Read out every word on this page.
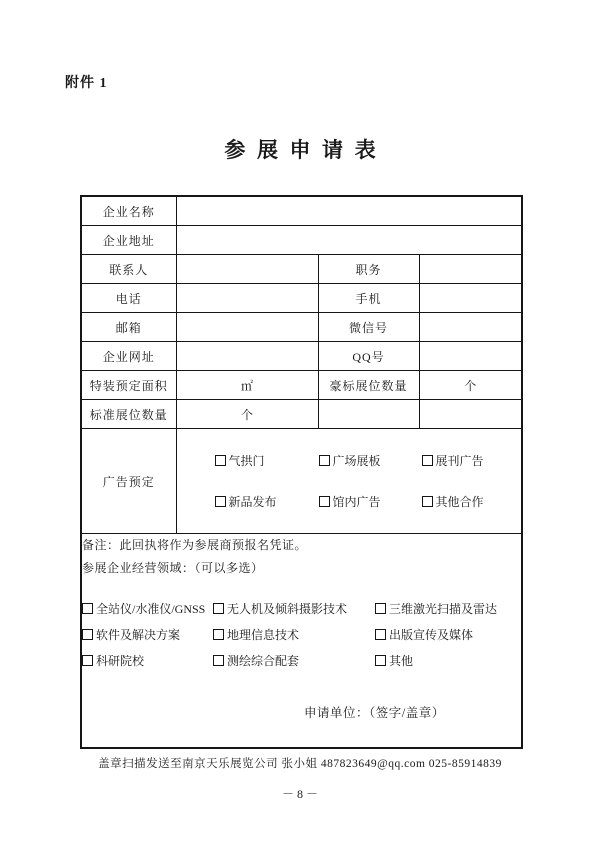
附件 1
参展申请表
企业名称			
企业地址			
联系人		职务	
电话		手机	
邮箱		微信号	
企业网址		QQ号	
特装预定面积	㎡	豪标展位数量	个
标准展位数量	个		
广告预定	
气拱门	广场展板	展刊广告
新品发布	馆内广告	其他合作

备注：此回执将作为参展商预报名凭证。
参展企业经营领域：（可以多选）
全站仪/水准仪/GNSS	无人机及倾斜摄影技术	三维激光扫描及雷达
软件及解决方案	地理信息技术	出版宣传及媒体
科研院校	测绘综合配套	其他
申请单位：（签字/盖章）
盖章扫描发送至南京天乐展览公司 张小姐 487823649@qq.com 025-85914839
－ 8 －
